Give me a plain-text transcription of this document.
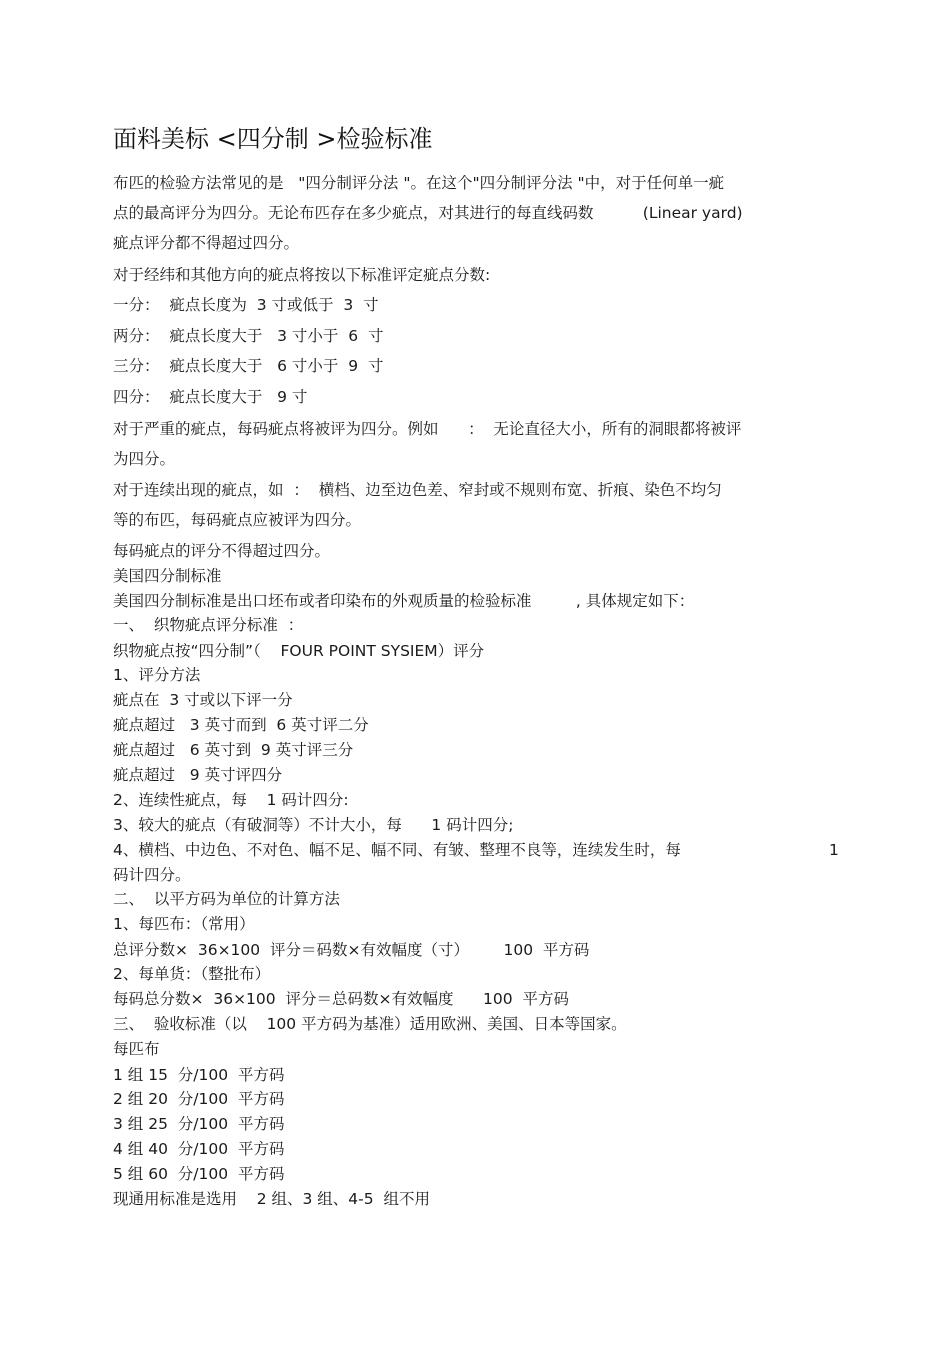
面料美标 <四分制 >检验标准
布匹的检验方法常见的是   "四分制评分法 "。在这个"四分制评分法 "中，对于任何单一疵
点的最高评分为四分。无论布匹存在多少疵点，对其进行的每直线码数          (Linear yard)
疵点评分都不得超过四分。
对于经纬和其他方向的疵点将按以下标准评定疵点分数:
一分：  疵点长度为  3 寸或低于  3  寸
两分：  疵点长度大于   3 寸小于  6  寸
三分：  疵点长度大于   6 寸小于  9  寸
四分：  疵点长度大于   9 寸
对于严重的疵点，每码疵点将被评为四分。例如      ：  无论直径大小，所有的洞眼都将被评
为四分。
对于连续出现的疵点，如  ：  横档、边至边色差、窄封或不规则布宽、折痕、染色不均匀
等的布匹，每码疵点应被评为四分。
每码疵点的评分不得超过四分。
美国四分制标准
美国四分制标准是出口坯布或者印染布的外观质量的检验标准         , 具体规定如下：
一、  织物疵点评分标准  ：
织物疵点按“四分制”（    FOUR POINT SYSIEM）评分
1、评分方法
疵点在  3 寸或以下评一分
疵点超过   3 英寸而到  6 英寸评二分
疵点超过   6 英寸到  9 英寸评三分
疵点超过   9 英寸评四分
2、连续性疵点，每    1 码计四分:
3、较大的疵点（有破洞等）不计大小，每      1 码计四分;
4、横档、中边色、不对色、幅不足、幅不同、有皱、整理不良等，连续发生时，每	1
码计四分。
二、  以平方码为单位的计算方法
1、每匹布：（常用）
总评分数×  36×100  评分＝码数×有效幅度（寸）       100  平方码
2、每单货：（整批布）
每码总分数×  36×100  评分＝总码数×有效幅度      100  平方码
三、  验收标准（以    100 平方码为基准）适用欧洲、美国、日本等国家。
每匹布
1 组 15  分/100  平方码
2 组 20  分/100  平方码
3 组 25  分/100  平方码
4 组 40  分/100  平方码
5 组 60  分/100  平方码
现通用标准是选用    2 组、3 组、4-5  组不用
